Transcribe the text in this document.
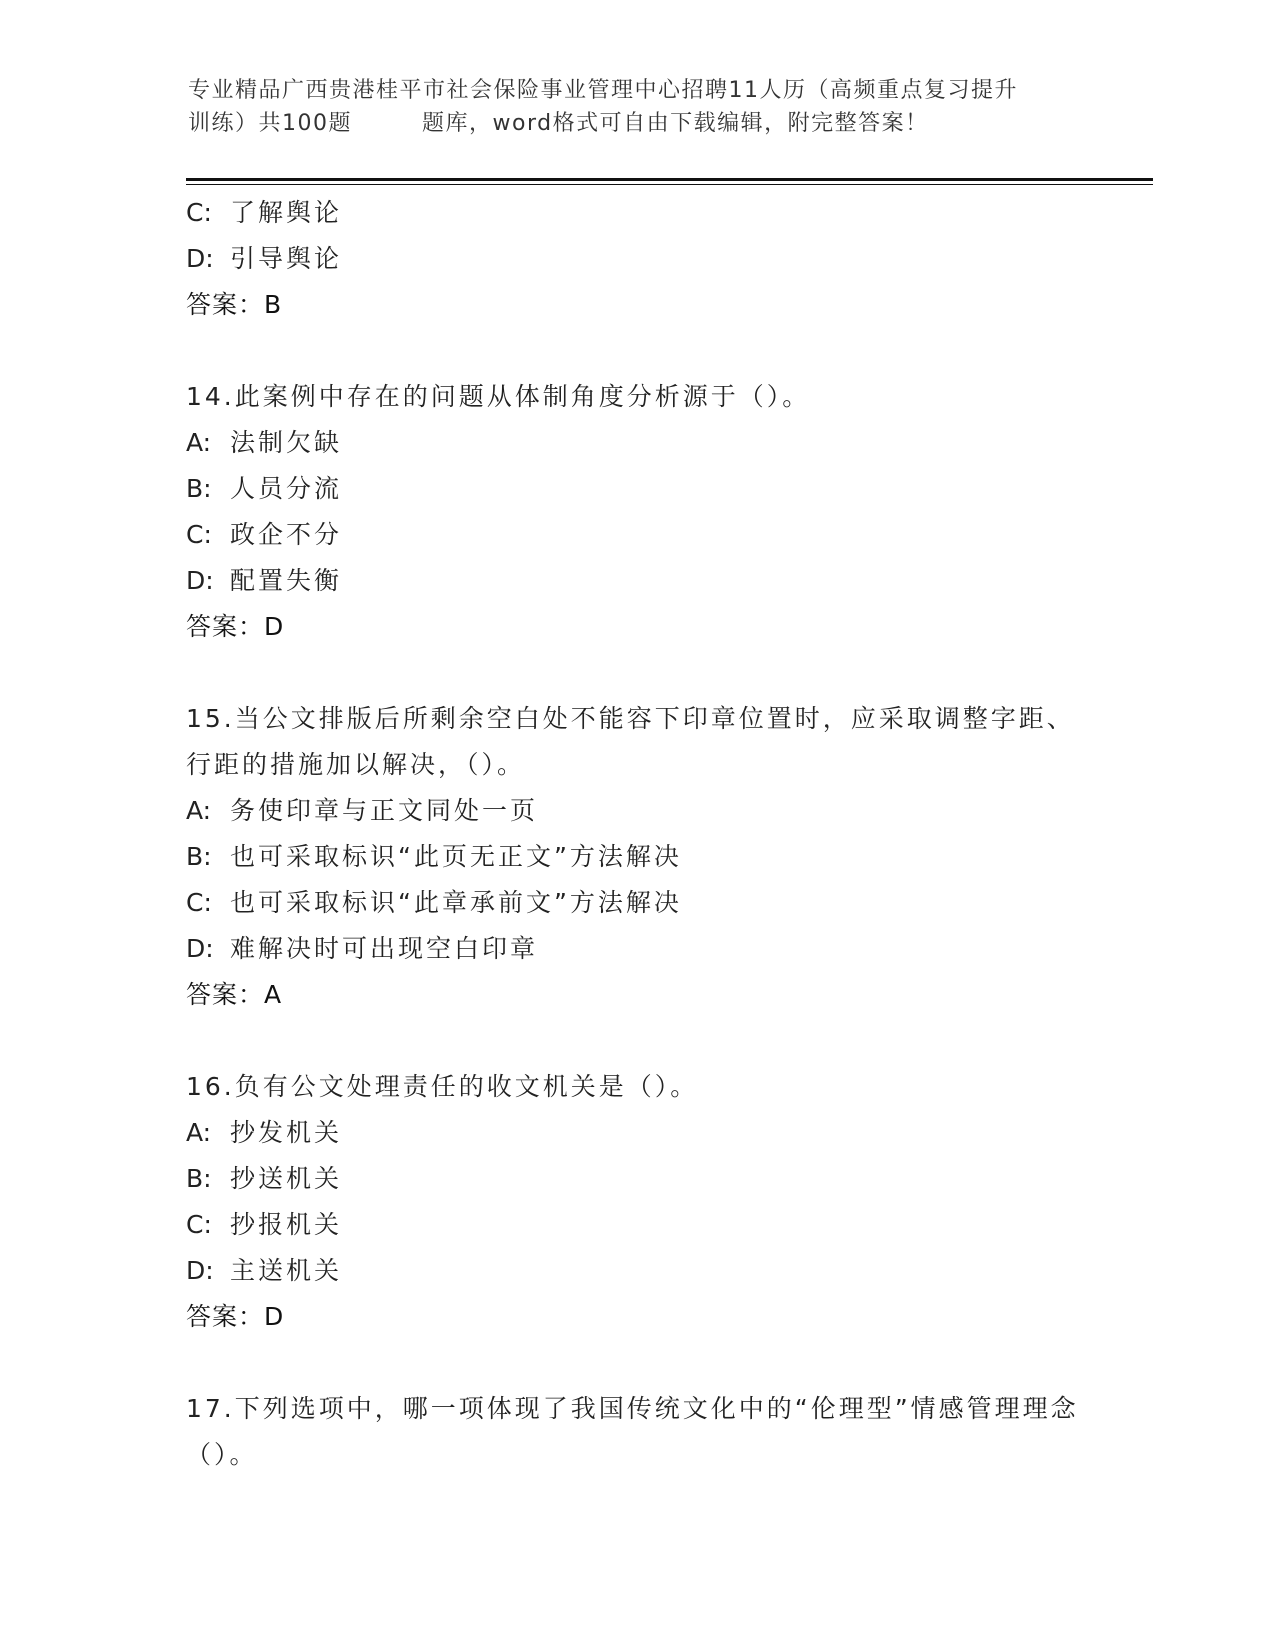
专业精品广西贵港桂平市社会保险事业管理中心招聘11人历（高频重点复习提升
训练）共100题	题库，word格式可自由下载编辑，附完整答案！
C: 了解舆论
D: 引导舆论
答案：B
14.此案例中存在的问题从体制角度分析源于（）。
A: 法制欠缺
B: 人员分流
C: 政企不分
D: 配置失衡
答案：D
15.当公文排版后所剩余空白处不能容下印章位置时，应采取调整字距、行距的措施加以解决，（）。
A: 务使印章与正文同处一页
B: 也可采取标识“此页无正文”方法解决
C: 也可采取标识“此章承前文”方法解决
D: 难解决时可出现空白印章
答案：A
16.负有公文处理责任的收文机关是（）。
A: 抄发机关
B: 抄送机关
C: 抄报机关
D: 主送机关
答案：D
17.下列选项中，哪一项体现了我国传统文化中的“伦理型”情感管理理念（）。
